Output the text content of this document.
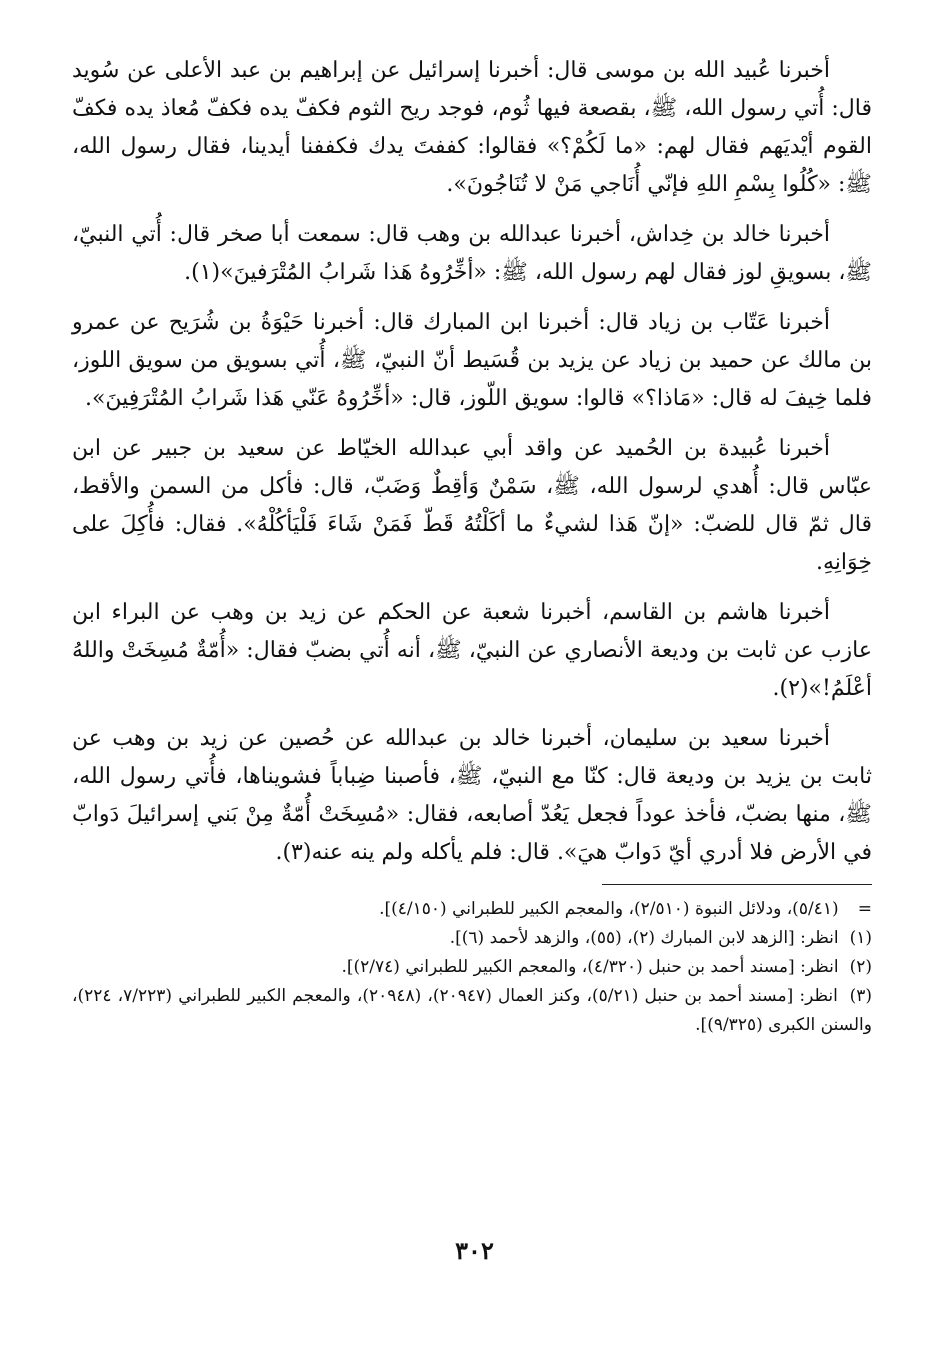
أخبرنا عُبيد الله بن موسى قال: أخبرنا إسرائيل عن إبراهيم بن عبد الأعلى عن سُويد قال: أُتي رسول الله، ﷺ، بقصعة فيها ثُوم، فوجد ريح الثوم فكفّ يده فكفّ مُعاذ يده فكفّ القوم أيْديَهم فقال لهم: «ما لَكُمْ؟» فقالوا: كففتَ يدك فكففنا أيدينا، فقال رسول الله، ﷺ: «كُلُوا بِسْمِ اللهِ فإنّي أُنَاجي مَنْ لا تُنَاجُونَ».

أخبرنا خالد بن خِداش، أخبرنا عبدالله بن وهب قال: سمعت أبا صخر قال: أُتي النبيّ، ﷺ، بسويقِ لوز فقال لهم رسول الله، ﷺ: «أخِّرُوهُ هَذا شَرابُ المُتْرَفينَ»(١).

أخبرنا عَتّاب بن زياد قال: أخبرنا ابن المبارك قال: أخبرنا حَيْوَةُ بن شُرَيح عن عمرو بن مالك عن حميد بن زياد عن يزيد بن قُسَيط أنّ النبيّ، ﷺ، أُتي بسويق من سويق اللوز، فلما خِيفَ له قال: «مَاذا؟» قالوا: سويق اللّوز، قال: «أخِّرُوهُ عَنّي هَذا شَرابُ المُتْرَفِينَ».

أخبرنا عُبيدة بن الحُميد عن واقد أبي عبدالله الخيّاط عن سعيد بن جبير عن ابن عبّاس قال: أُهدي لرسول الله، ﷺ، سَمْنٌ وَأقِطٌ وَضَبّ، قال: فأكل من السمن والأقط، قال ثمّ قال للضبّ: «إنّ هَذا لشيءٌ ما أكَلْتُهُ قَطّ فَمَنْ شَاءَ فَلْيَأكُلْهُ». فقال: فأُكِلَ على خِوَانِهِ.

أخبرنا هاشم بن القاسم، أخبرنا شعبة عن الحكم عن زيد بن وهب عن البراء ابن عازب عن ثابت بن وديعة الأنصاري عن النبيّ، ﷺ، أنه أُتي بضبّ فقال: «أُمّةٌ مُسِخَتْ واللهُ أعْلَمُ!»(٢).

أخبرنا سعيد بن سليمان، أخبرنا خالد بن عبدالله عن حُصين عن زيد بن وهب عن ثابت بن يزيد بن وديعة قال: كنّا مع النبيّ، ﷺ، فأصبنا ضِباباً فشويناها، فأُتي رسول الله، ﷺ، منها بضبّ، فأخذ عوداً فجعل يَعُدّ أصابعه، فقال: «مُسِخَتْ أُمّةٌ مِنْ بَني إسرائيلَ دَوابّ في الأرض فلا أدري أيّ دَوابّ هيَ». قال: فلم يأكله ولم ينه عنه(٣).

= (٥/٤١)، ودلائل النبوة (٢/٥١٠)، والمعجم الكبير للطبراني (٤/١٥٠)].

(١) انظر: [الزهد لابن المبارك (٢)، (٥٥)، والزهد لأحمد (٦)].

(٢) انظر: [مسند أحمد بن حنبل (٤/٣٢٠)، والمعجم الكبير للطبراني (٢/٧٤)].

(٣) انظر: [مسند أحمد بن حنبل (٥/٢١)، وكنز العمال (٢٠٩٤٧)، (٢٠٩٤٨)، والمعجم الكبير للطبراني (٧/٢٢٣، ٢٢٤)، والسنن الكبرى (٩/٣٢٥)].

٣٠٢
